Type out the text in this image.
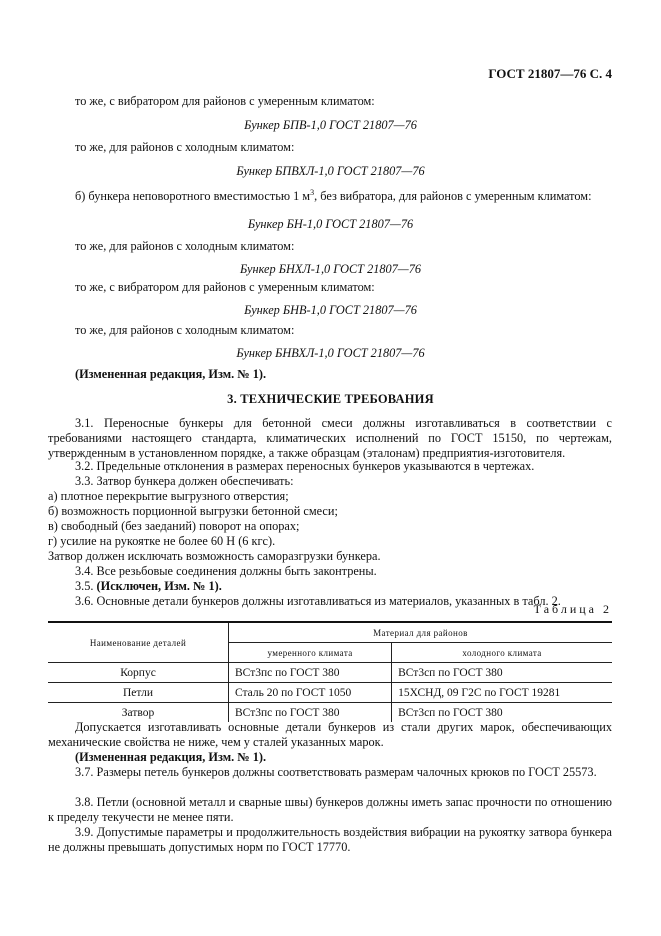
ГОСТ 21807—76 С. 4
то же, с вибратором для районов с умеренным климатом:
Бункер БПВ-1,0 ГОСТ 21807—76
то же, для районов с холодным климатом:
Бункер БПВХЛ-1,0 ГОСТ 21807—76
б) бункера неповоротного вместимостью 1 $м^3$, без вибратора, для районов с умеренным климатом:
Бункер БН-1,0 ГОСТ 21807—76
то же, для районов с холодным климатом:
Бункер БНХЛ-1,0 ГОСТ 21807—76
то же, с вибратором для районов с умеренным климатом:
Бункер БНВ-1,0 ГОСТ 21807—76
то же, для районов с холодным климатом:
Бункер БНВХЛ-1,0 ГОСТ 21807—76
(Измененная редакция, Изм. № 1).
3. ТЕХНИЧЕСКИЕ ТРЕБОВАНИЯ
3.1. Переносные бункеры для бетонной смеси должны изготавливаться в соответствии с требованиями настоящего стандарта, климатических исполнений по ГОСТ 15150, по чертежам, утвержденным в установленном порядке, а также образцам (эталонам) предприятия-изготовителя.
3.2. Предельные отклонения в размерах переносных бункеров указываются в чертежах.
3.3. Затвор бункера должен обеспечивать:
а) плотное перекрытие выгрузного отверстия;
б) возможность порционной выгрузки бетонной смеси;
в) свободный (без заеданий) поворот на опорах;
г) усилие на рукоятке не более 60 Н (6 кгс).
Затвор должен исключать возможность саморазгрузки бункера.
3.4. Все резьбовые соединения должны быть законтрены.
3.5. (Исключен, Изм. № 1).
3.6. Основные детали бункеров должны изготавливаться из материалов, указанных в табл. 2.
Таблица 2
Наименование деталей	Материал для районов	
	умеренного климата	холодного климата
Корпус	ВСт3пс по ГОСТ 380	ВСт3сп по ГОСТ 380
Петли	Сталь 20 по ГОСТ 1050	15ХСНД, 09 Г2С по ГОСТ 19281
Затвор	ВСт3пс по ГОСТ 380	ВСт3сп по ГОСТ 380
Допускается изготавливать основные детали бункеров из стали других марок, обеспечивающих механические свойства не ниже, чем у сталей указанных марок.
(Измененная редакция, Изм. № 1).
3.7. Размеры петель бункеров должны соответствовать размерам чалочных крюков по ГОСТ 25573.
3.8. Петли (основной металл и сварные швы) бункеров должны иметь запас прочности по отношению к пределу текучести не менее пяти.
3.9. Допустимые параметры и продолжительность воздействия вибрации на рукоятку затвора бункера не должны превышать допустимых норм по ГОСТ 17770.
